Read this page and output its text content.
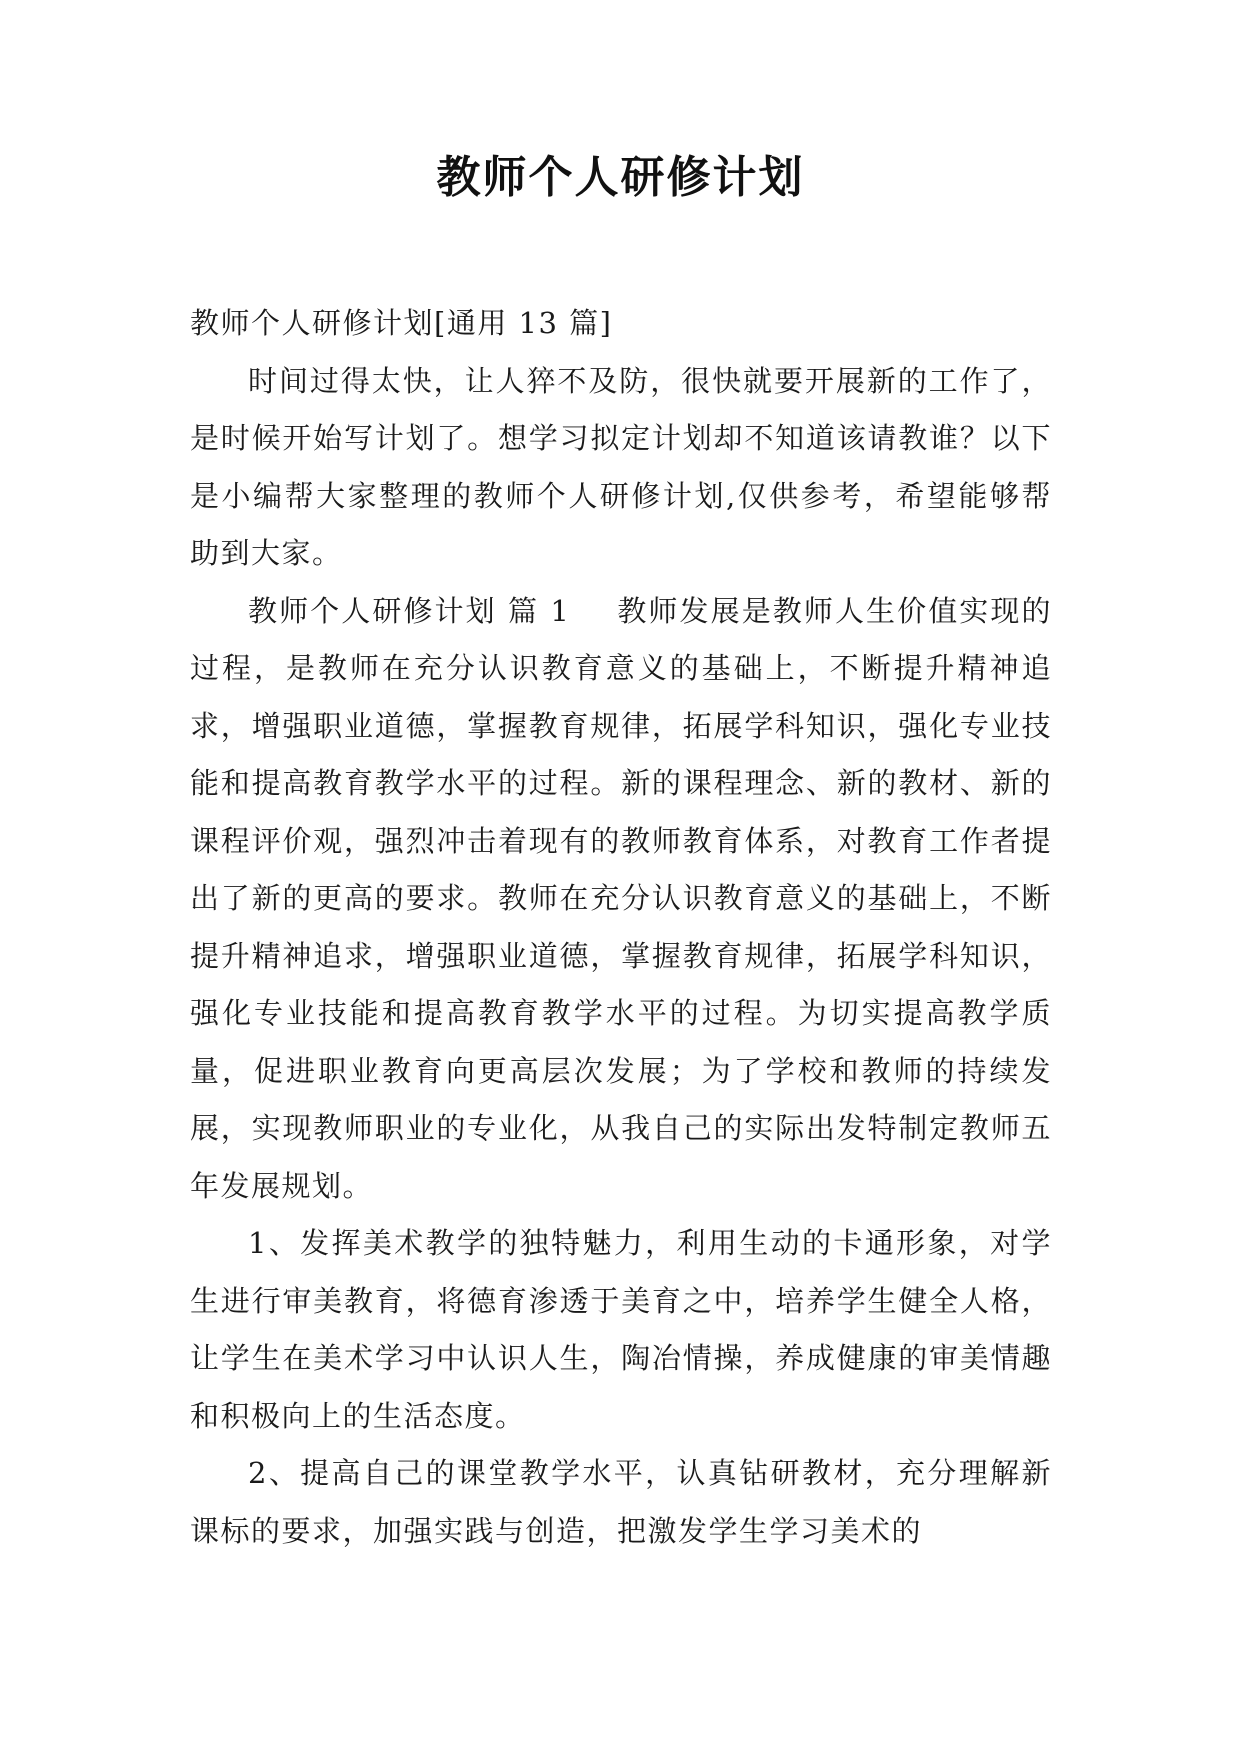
教师个人研修计划

教师个人研修计划[通用 13 篇]

时间过得太快，让人猝不及防，很快就要开展新的工作了，是时候开始写计划了。想学习拟定计划却不知道该请教谁？以下是小编帮大家整理的教师个人研修计划,仅供参考，希望能够帮助到大家。

教师个人研修计划 篇 1 教师发展是教师人生价值实现的过程，是教师在充分认识教育意义的基础上，不断提升精神追求，增强职业道德，掌握教育规律，拓展学科知识，强化专业技能和提高教育教学水平的过程。新的课程理念、新的教材、新的课程评价观，强烈冲击着现有的教师教育体系，对教育工作者提出了新的更高的要求。教师在充分认识教育意义的基础上，不断提升精神追求，增强职业道德，掌握教育规律，拓展学科知识，强化专业技能和提高教育教学水平的过程。为切实提高教学质量，促进职业教育向更高层次发展；为了学校和教师的持续发展，实现教师职业的专业化，从我自己的实际出发特制定教师五年发展规划。

1、发挥美术教学的独特魅力，利用生动的卡通形象，对学生进行审美教育，将德育渗透于美育之中，培养学生健全人格，让学生在美术学习中认识人生，陶冶情操，养成健康的审美情趣和积极向上的生活态度。

2、提高自己的课堂教学水平，认真钻研教材，充分理解新课标的要求，加强实践与创造，把激发学生学习美术的
